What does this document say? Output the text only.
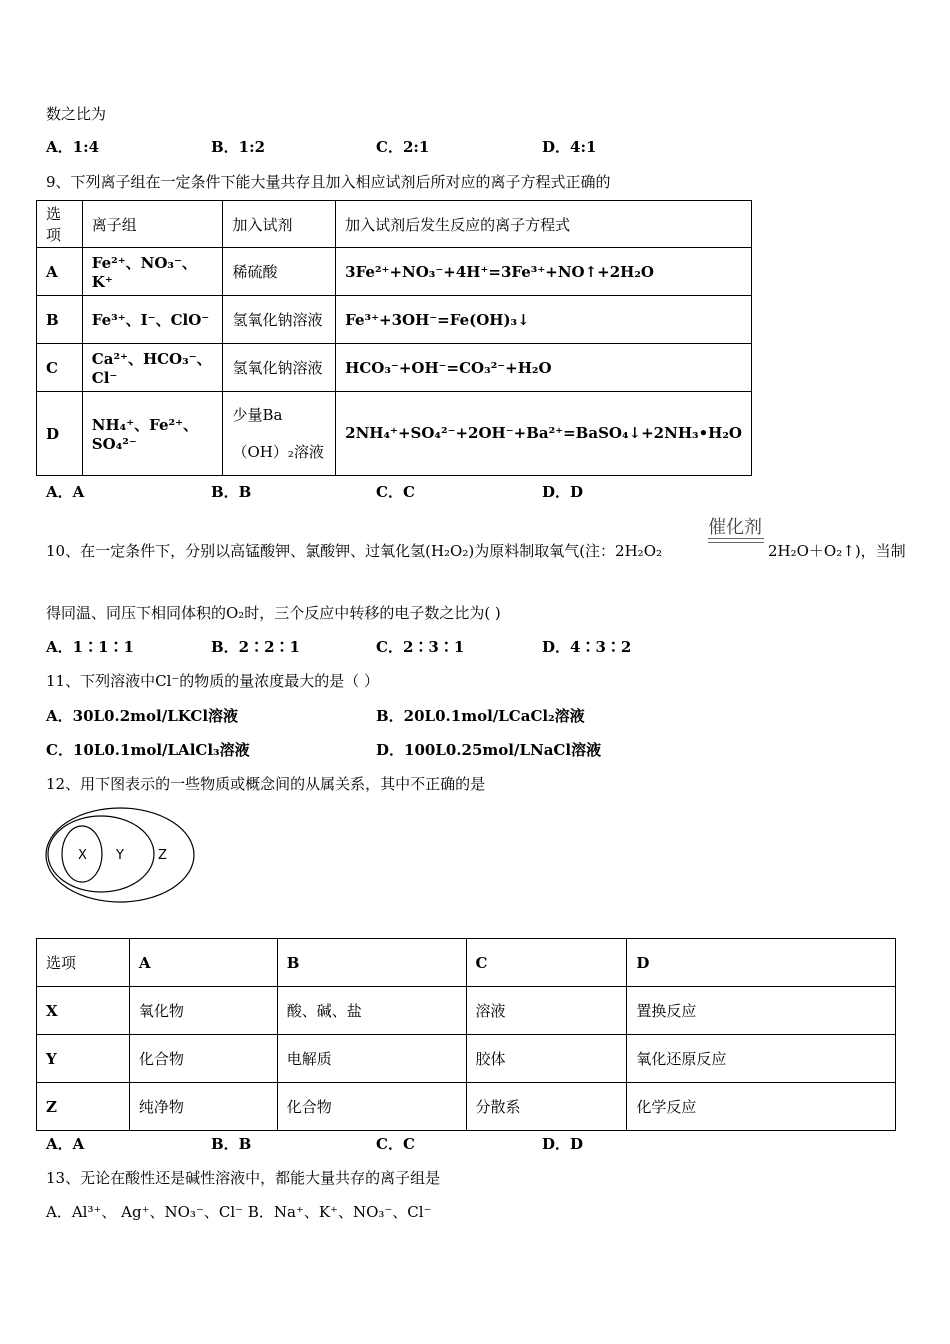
数之比为
A．1:4	B．1:2	C．2:1	D．4:1
9、下列离子组在一定条件下能大量共存且加入相应试剂后所对应的离子方程式正确的
选项	离子组	加入试剂	加入试剂后发生反应的离子方程式
A	Fe²⁺、NO₃⁻、K⁺	稀硫酸	3Fe²⁺+NO₃⁻+4H⁺=3Fe³⁺+NO↑+2H₂O
B	Fe³⁺、I⁻、ClO⁻	氢氧化钠溶液	Fe³⁺+3OH⁻=Fe(OH)₃↓
C	Ca²⁺、HCO₃⁻、Cl⁻	氢氧化钠溶液	HCO₃⁻+OH⁻=CO₃²⁻+H₂O
D	NH₄⁺、Fe²⁺、SO₄²⁻	少量Ba（OH）₂溶液	2NH₄⁺+SO₄²⁻+2OH⁻+Ba²⁺=BaSO₄↓+2NH₃•H₂O
A．A	B．B	C．C	D．D
催化剂
10、在一定条件下，分别以高锰酸钾、氯酸钾、过氧化氢(H₂O₂)为原料制取氧气(注：2H₂O₂	2H₂O＋O₂↑)，当制
得同温、同压下相同体积的O₂时，三个反应中转移的电子数之比为( )
A．1∶1∶1	B．2∶2∶1	C．2∶3∶1	D．4∶3∶2
11、下列溶液中Cl⁻的物质的量浓度最大的是（ ）
A．30L0.2mol/LKCl溶液	B．20L0.1mol/LCaCl₂溶液
C．10L0.1mol/LAlCl₃溶液	D．100L0.25mol/LNaCl溶液
12、用下图表示的一些物质或概念间的从属关系，其中不正确的是
X Y	Z
选项	A	B	C	D
X	氧化物	酸、碱、盐	溶液	置换反应
Y	化合物	电解质	胶体	氧化还原反应
Z	纯净物	化合物	分散系	化学反应
A．A	B．B	C．C	D．D
13、无论在酸性还是碱性溶液中，都能大量共存的离子组是
A．Al³⁺、 Ag⁺、NO₃⁻、Cl⁻ B．Na⁺、K⁺、NO₃⁻、Cl⁻
